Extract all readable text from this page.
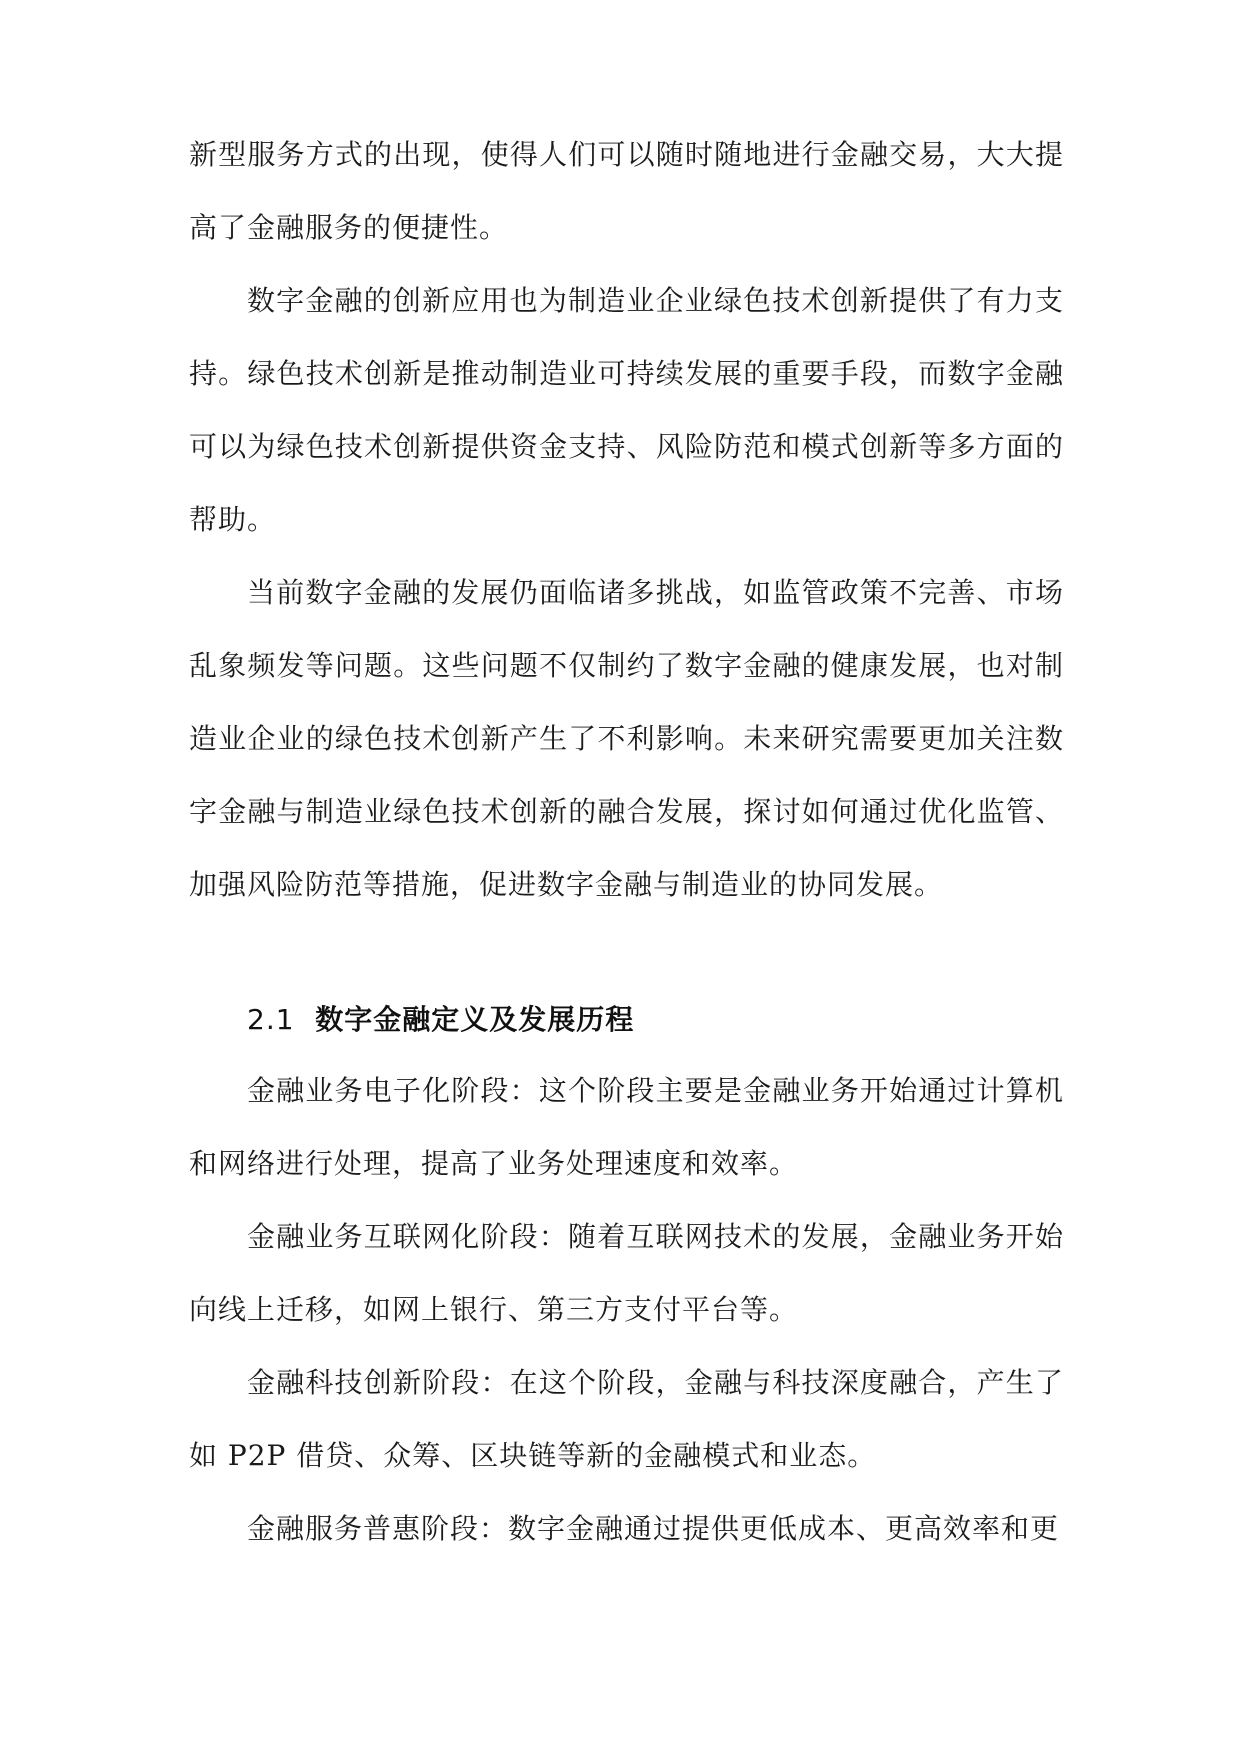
新型服务方式的出现，使得人们可以随时随地进行金融交易，大大提高了金融服务的便捷性。

数字金融的创新应用也为制造业企业绿色技术创新提供了有力支持。绿色技术创新是推动制造业可持续发展的重要手段，而数字金融可以为绿色技术创新提供资金支持、风险防范和模式创新等多方面的帮助。

当前数字金融的发展仍面临诸多挑战，如监管政策不完善、市场乱象频发等问题。这些问题不仅制约了数字金融的健康发展，也对制造业企业的绿色技术创新产生了不利影响。未来研究需要更加关注数字金融与制造业绿色技术创新的融合发展，探讨如何通过优化监管、加强风险防范等措施，促进数字金融与制造业的协同发展。

2.1 数字金融定义及发展历程

金融业务电子化阶段：这个阶段主要是金融业务开始通过计算机和网络进行处理，提高了业务处理速度和效率。

金融业务互联网化阶段：随着互联网技术的发展，金融业务开始向线上迁移，如网上银行、第三方支付平台等。

金融科技创新阶段：在这个阶段，金融与科技深度融合，产生了如 P2P 借贷、众筹、区块链等新的金融模式和业态。

金融服务普惠阶段：数字金融通过提供更低成本、更高效率和更
